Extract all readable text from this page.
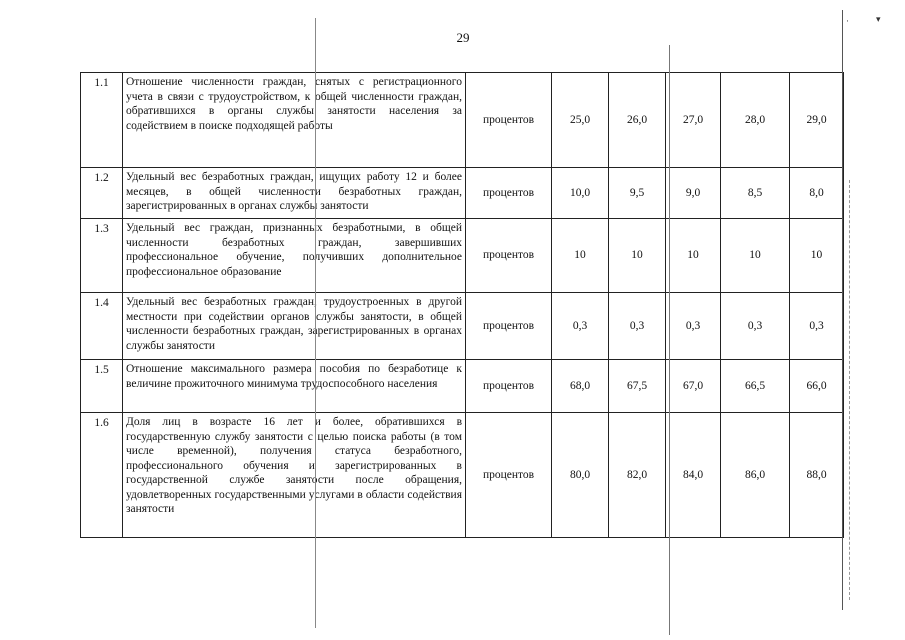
29
1.1	Отношение численности граждан, снятых с регистрационного учета в связи с трудоустройством, к общей численности граждан, обратившихся в органы службы занятости населения за содействием в поиске подходящей работы	процентов	25,0	26,0	27,0	28,0	29,0
1.2	Удельный вес безработных граждан, ищущих работу 12 и более месяцев, в общей численности безработных граждан, зарегистрированных в органах службы занятости	процентов	10,0	9,5	9,0	8,5	8,0
1.3	Удельный вес граждан, признанных безработными, в общей численности безработных граждан, завершивших профессиональное обучение, получивших дополнительное профессиональное образование	процентов	10	10	10	10	10
1.4	Удельный вес безработных граждан, трудоустроенных в другой местности при содействии органов службы занятости, в общей численности безработных граждан, зарегистрированных в органах службы занятости	процентов	0,3	0,3	0,3	0,3	0,3
1.5	Отношение максимального размера пособия по безработице к величине прожиточного минимума трудоспособного населения	процентов	68,0	67,5	67,0	66,5	66,0
1.6	Доля лиц в возрасте 16 лет и более, обратившихся в государственную службу занятости с целью поиска работы (в том числе временной), получения статуса безработного, профессионального обучения и зарегистрированных в государственной службе занятости после обращения, удовлетворенных государственными услугами в области содействия занятости	процентов	80,0	82,0	84,0	86,0	88,0
▾
·
